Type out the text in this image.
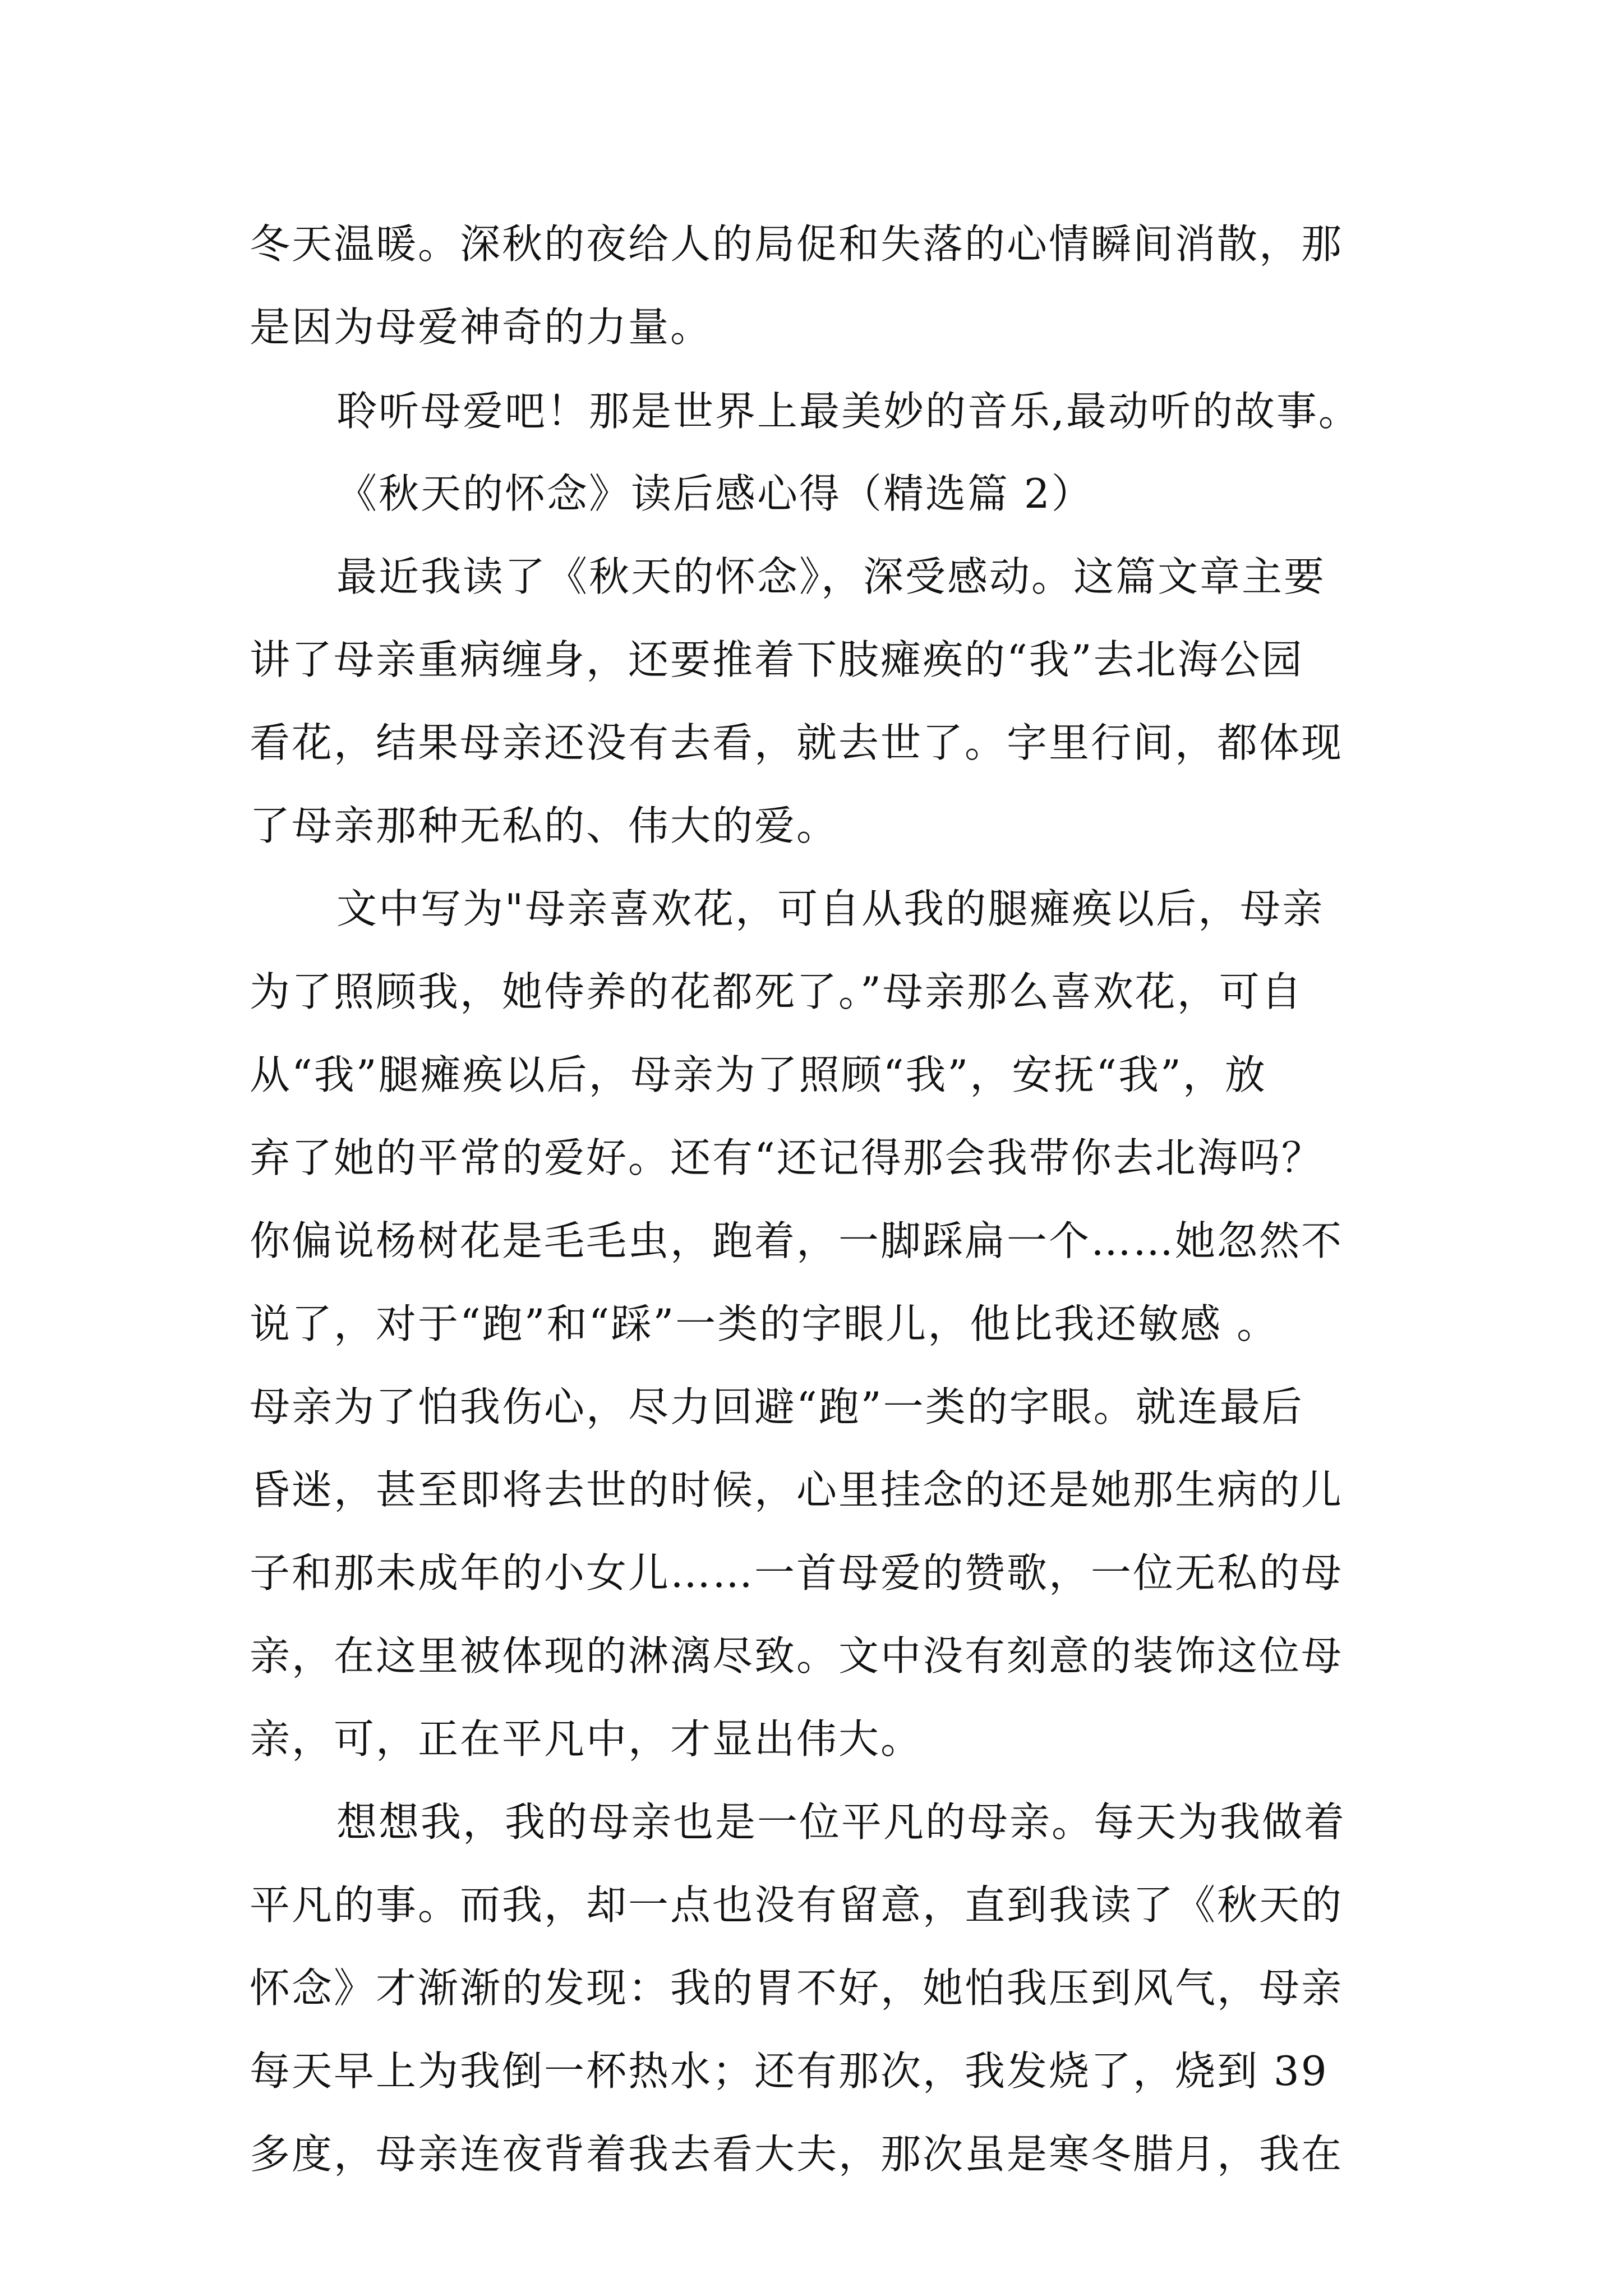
冬天温暖。深秋的夜给人的局促和失落的心情瞬间消散，那
是因为母爱神奇的力量。
聆听母爱吧！那是世界上最美妙的音乐,最动听的故事。
《秋天的怀念》读后感心得（精选篇 2）
最近我读了《秋天的怀念》，深受感动。这篇文章主要
讲了母亲重病缠身，还要推着下肢瘫痪的“我”去北海公园
看花，结果母亲还没有去看，就去世了。字里行间，都体现
了母亲那种无私的、伟大的爱。
文中写为"母亲喜欢花，可自从我的腿瘫痪以后，母亲
为了照顾我，她侍养的花都死了。”母亲那么喜欢花，可自
从“我”腿瘫痪以后，母亲为了照顾“我”，安抚“我”，放
弃了她的平常的爱好。还有“还记得那会我带你去北海吗？
你偏说杨树花是毛毛虫，跑着，一脚踩扁一个……她忽然不
说了，对于“跑”和“踩”一类的字眼儿，他比我还敏感 。
母亲为了怕我伤心，尽力回避“跑”一类的字眼。就连最后
昏迷，甚至即将去世的时候，心里挂念的还是她那生病的儿
子和那未成年的小女儿……一首母爱的赞歌，一位无私的母
亲，在这里被体现的淋漓尽致。文中没有刻意的装饰这位母
亲，可，正在平凡中，才显出伟大。
想想我，我的母亲也是一位平凡的母亲。每天为我做着
平凡的事。而我，却一点也没有留意，直到我读了《秋天的
怀念》才渐渐的发现：我的胃不好，她怕我压到风气，母亲
每天早上为我倒一杯热水；还有那次，我发烧了，烧到 39
多度，母亲连夜背着我去看大夫，那次虽是寒冬腊月，我在
